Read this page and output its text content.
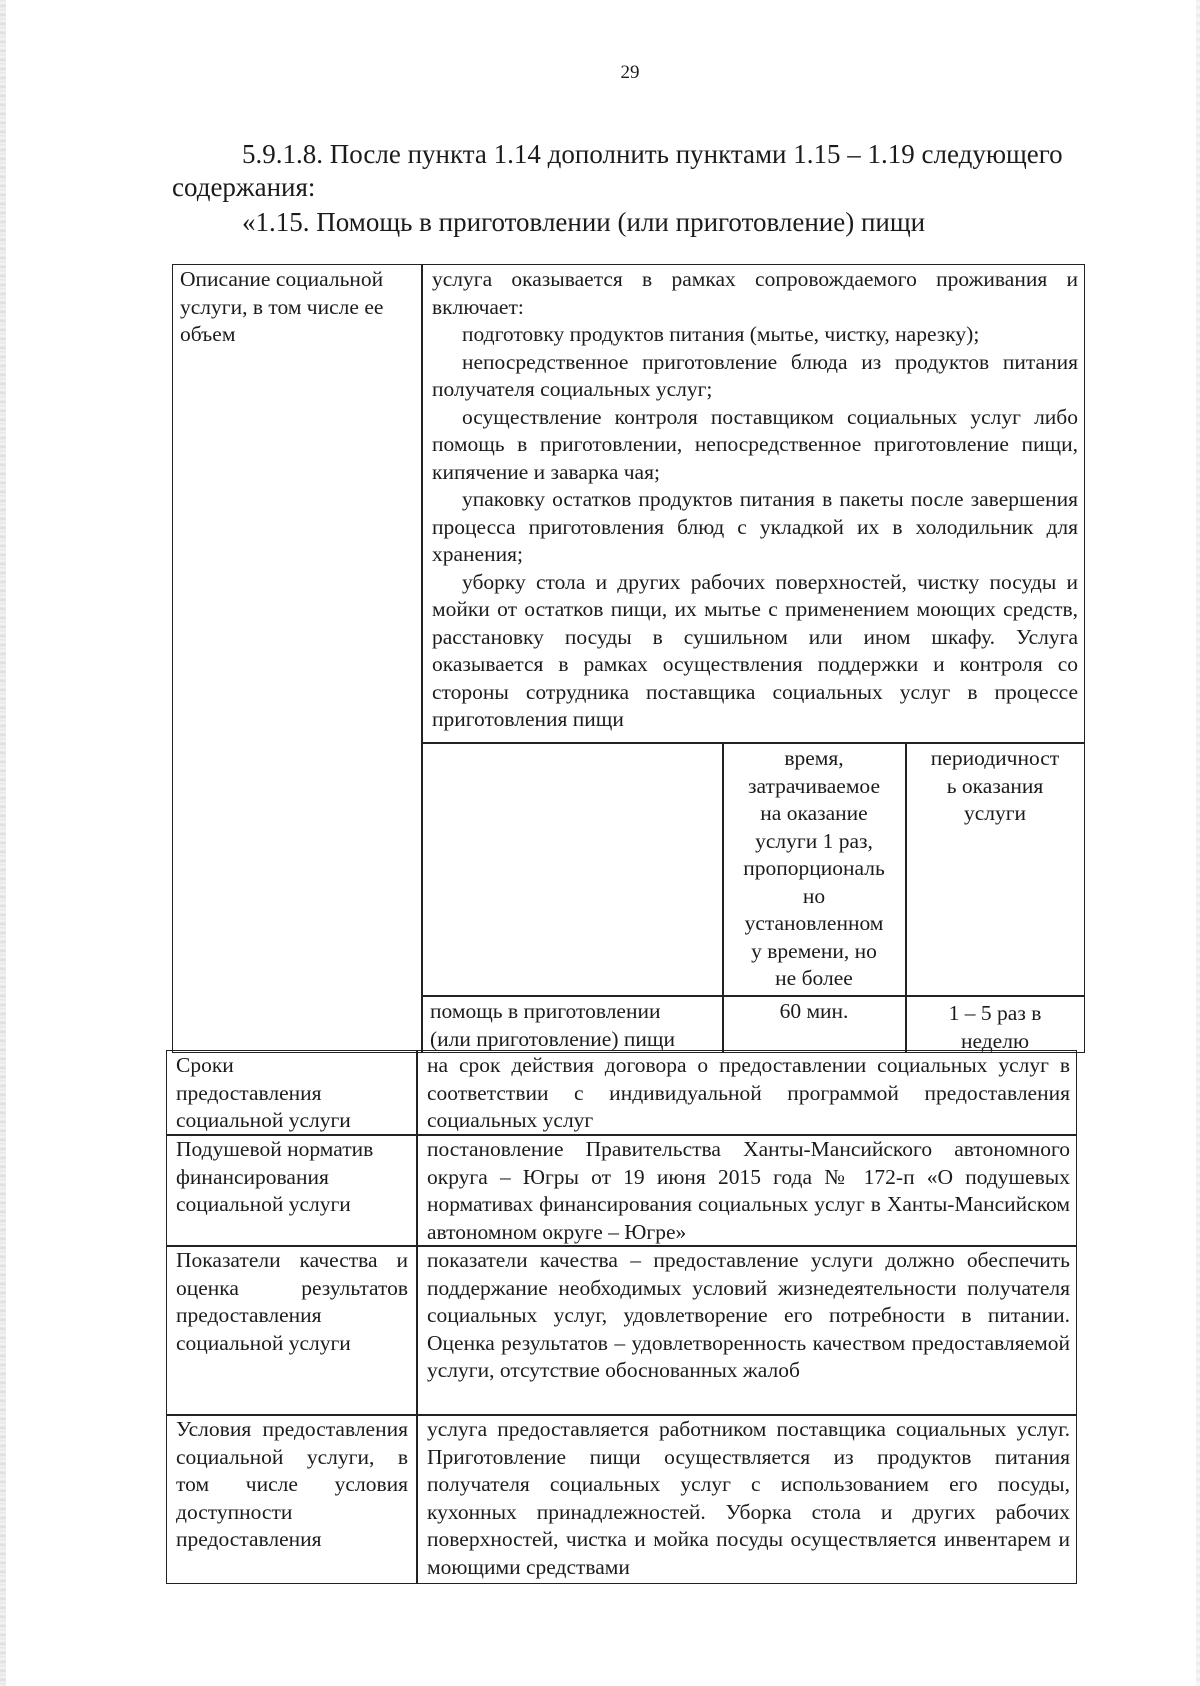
29
5.9.1.8. После пункта 1.14 дополнить пунктами 1.15 – 1.19 следующего
содержания:
«1.15. Помощь в приготовлении (или приготовление) пищи
Описание социальной услуги, в том числе ее объем

услуга оказывается в рамках сопровождаемого проживания и включает:

подготовку продуктов питания (мытье, чистку, нарезку);

непосредственное приготовление блюда из продуктов питания получателя социальных услуг;

осуществление контроля поставщиком социальных услуг либо помощь в приготовлении, непосредственное приготовление пищи, кипячение и заварка чая;

упаковку остатков продуктов питания в пакеты после завершения процесса приготовления блюд с укладкой их в холодильник для хранения;

уборку стола и других рабочих поверхностей, чистку посуды и мойки от остатков пищи, их мытье с применением моющих средств, расстановку посуды в сушильном или ином шкафу. Услуга оказывается в рамках осуществления поддержки и контроля со стороны сотрудника поставщика социальных услуг в процессе приготовления пищи

время,
затрачиваемое
на оказание
услуги 1 раз,
пропорциональ
но
установленном
у времени, но
не более
периодичност
ь оказания
услуги
помощь в приготовлении
(или приготовление) пищи
60 мин.	1 – 5 раз в
неделю
Сроки предоставления социальной услуги
на срок действия договора о предоставлении социальных услуг в соответствии с индивидуальной программой предоставления социальных услуг
Подушевой норматив финансирования социальной услуги
постановление Правительства Ханты-Мансийского автономного округа – Югры от 19 июня 2015 года № 172-п «О подушевых нормативах финансирования социальных услуг в Ханты-Мансийском автономном округе – Югре»
Показатели качества и оценка результатов предоставления социальной услуги
показатели качества – предоставление услуги должно обеспечить поддержание необходимых условий жизнедеятельности получателя социальных услуг, удовлетворение его потребности в питании. Оценка результатов – удовлетворенность качеством предоставляемой услуги, отсутствие обоснованных жалоб
Условия предоставления социальной услуги, в том числе условия доступности предоставления
услуга предоставляется работником поставщика социальных услуг. Приготовление пищи осуществляется из продуктов питания получателя социальных услуг с использованием его посуды, кухонных принадлежностей. Уборка стола и других рабочих поверхностей, чистка и мойка посуды осуществляется инвентарем и моющими средствами
